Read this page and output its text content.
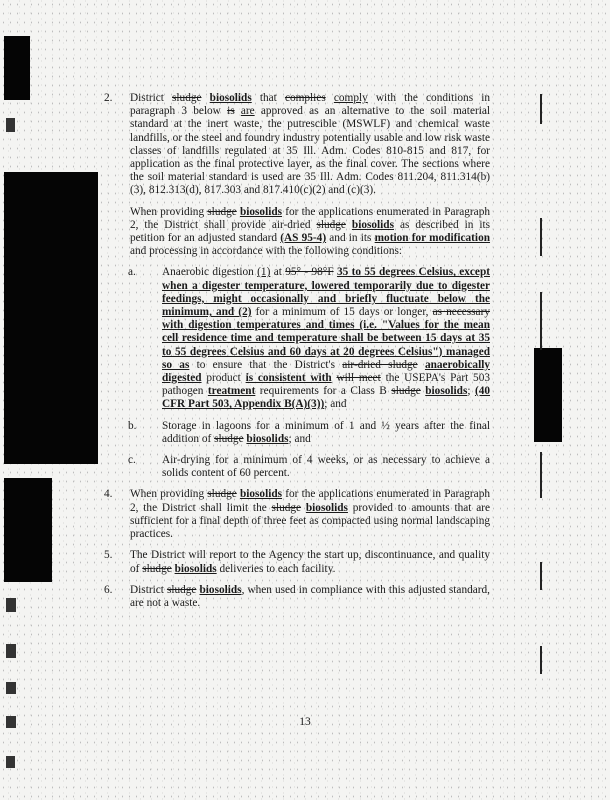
2. District sludge biosolids that complies comply with the conditions in paragraph 3 below is are approved as an alternative to the soil material standard at the inert waste, the putrescible (MSWLF) and chemical waste landfills, or the steel and foundry industry potentially usable and low risk waste classes of landfills regulated at 35 Ill. Adm. Codes 810-815 and 817, for application as the final protective layer, as the final cover. The sections where the soil material standard is used are 35 Ill. Adm. Codes 811.204, 811.314(b)(3), 812.313(d), 817.303 and 817.410(c)(2) and (c)(3).
When providing sludge biosolids for the applications enumerated in Paragraph 2, the District shall provide air-dried sludge biosolids as described in its petition for an adjusted standard (AS 95-4) and in its motion for modification and processing in accordance with the following conditions:
a. Anaerobic digestion (1) at 95° - 98°F 35 to 55 degrees Celsius, except when a digester temperature, lowered temporarily due to digester feedings, might occasionally and briefly fluctuate below the minimum, and (2) for a minimum of 15 days or longer, as necessary with digestion temperatures and times (i.e. "Values for the mean cell residence time and temperature shall be between 15 days at 35 to 55 degrees Celsius and 60 days at 20 degrees Celsius") managed so as to ensure that the District's air-dried sludge anaerobically digested product is consistent with will meet the USEPA's Part 503 pathogen treatment requirements for a Class B sludge biosolids; (40 CFR Part 503, Appendix B(A)(3)); and
b. Storage in lagoons for a minimum of 1 and ½ years after the final addition of sludge biosolids; and
c. Air-drying for a minimum of 4 weeks, or as necessary to achieve a solids content of 60 percent.
4. When providing sludge biosolids for the applications enumerated in Paragraph 2, the District shall limit the sludge biosolids provided to amounts that are sufficient for a final depth of three feet as compacted using normal landscaping practices.
5. The District will report to the Agency the start up, discontinuance, and quality of sludge biosolids deliveries to each facility.
6. District sludge biosolids, when used in compliance with this adjusted standard, are not a waste.
13
